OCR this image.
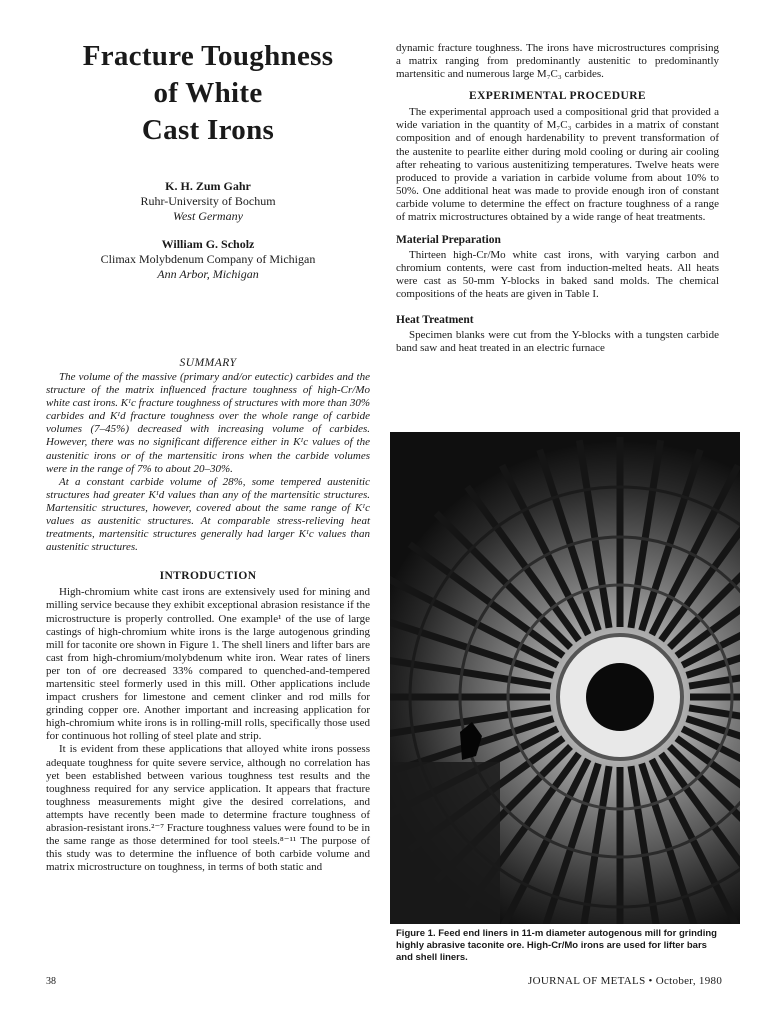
Fracture Toughness
of White
Cast Irons
K. H. Zum Gahr
Ruhr-University of Bochum
West Germany
William G. Scholz
Climax Molybdenum Company of Michigan
Ann Arbor, Michigan
SUMMARY

The volume of the massive (primary and/or eutectic) carbides and the structure of the matrix influenced fracture toughness of high-Cr/Mo white cast irons. Kᴵc fracture toughness of structures with more than 30% carbides and Kᴵd fracture toughness over the whole range of carbide volumes (7–45%) decreased with increasing volume of carbides. However, there was no significant difference either in Kᴵc values of the austenitic irons or of the martensitic irons when the carbide volumes were in the range of 7% to about 20–30%.

At a constant carbide volume of 28%, some tempered austenitic structures had greater Kᴵd values than any of the martensitic structures. Martensitic structures, however, covered about the same range of Kᴵc values as austenitic structures. At comparable stress-relieving heat treatments, martensitic structures generally had larger Kᴵc values than austenitic structures.

INTRODUCTION

High-chromium white cast irons are extensively used for mining and milling service because they exhibit exceptional abrasion resistance if the microstructure is properly controlled. One example¹ of the use of large castings of high-chromium white irons is the large autogenous grinding mill for taconite ore shown in Figure 1. The shell liners and lifter bars are cast from high-chromium/molybdenum white iron. Wear rates of liners per ton of ore decreased 33% compared to quenched-and-tempered martensitic steel formerly used in this mill. Other applications include impact crushers for limestone and cement clinker and rod mills for grinding copper ore. Another important and increasing application for high-chromium white irons is in rolling-mill rolls, specifically those used for continuous hot rolling of steel plate and strip.

It is evident from these applications that alloyed white irons possess adequate toughness for quite severe service, although no correlation has yet been established between various toughness test results and the toughness required for any service application. It appears that fracture toughness measurements might give the desired correlations, and attempts have recently been made to determine fracture toughness of abrasion-resistant irons.²⁻⁷ Fracture toughness values were found to be in the same range as those determined for tool steels.⁸⁻¹¹ The purpose of this study was to determine the influence of both carbide volume and matrix microstructure on toughness, in terms of both static and

dynamic fracture toughness. The irons have microstructures comprising a matrix ranging from predominantly austenitic to predominantly martensitic and numerous large M₇C₃ carbides.

EXPERIMENTAL PROCEDURE

The experimental approach used a compositional grid that provided a wide variation in the quantity of M₇C₃ carbides in a matrix of constant composition and of enough hardenability to prevent transformation of the austenite to pearlite either during mold cooling or during air cooling after reheating to various austenitizing temperatures. Twelve heats were produced to provide a variation in carbide volume from about 10% to 50%. One additional heat was made to provide enough iron of constant carbide volume to determine the effect on fracture toughness of a range of matrix microstructures obtained by a wide range of heat treatments.

Material Preparation

Thirteen high-Cr/Mo white cast irons, with varying carbon and chromium contents, were cast from induction-melted heats. All heats were cast as 50-mm Y-blocks in baked sand molds. The chemical compositions of the heats are given in Table I.

Heat Treatment

Specimen blanks were cut from the Y-blocks with a tungsten carbide band saw and heat treated in an electric furnace

Figure 1. Feed end liners in 11-m diameter autogenous mill for grinding highly abrasive taconite ore. High-Cr/Mo irons are used for lifter bars and shell liners.
38	JOURNAL OF METALS • October, 1980
